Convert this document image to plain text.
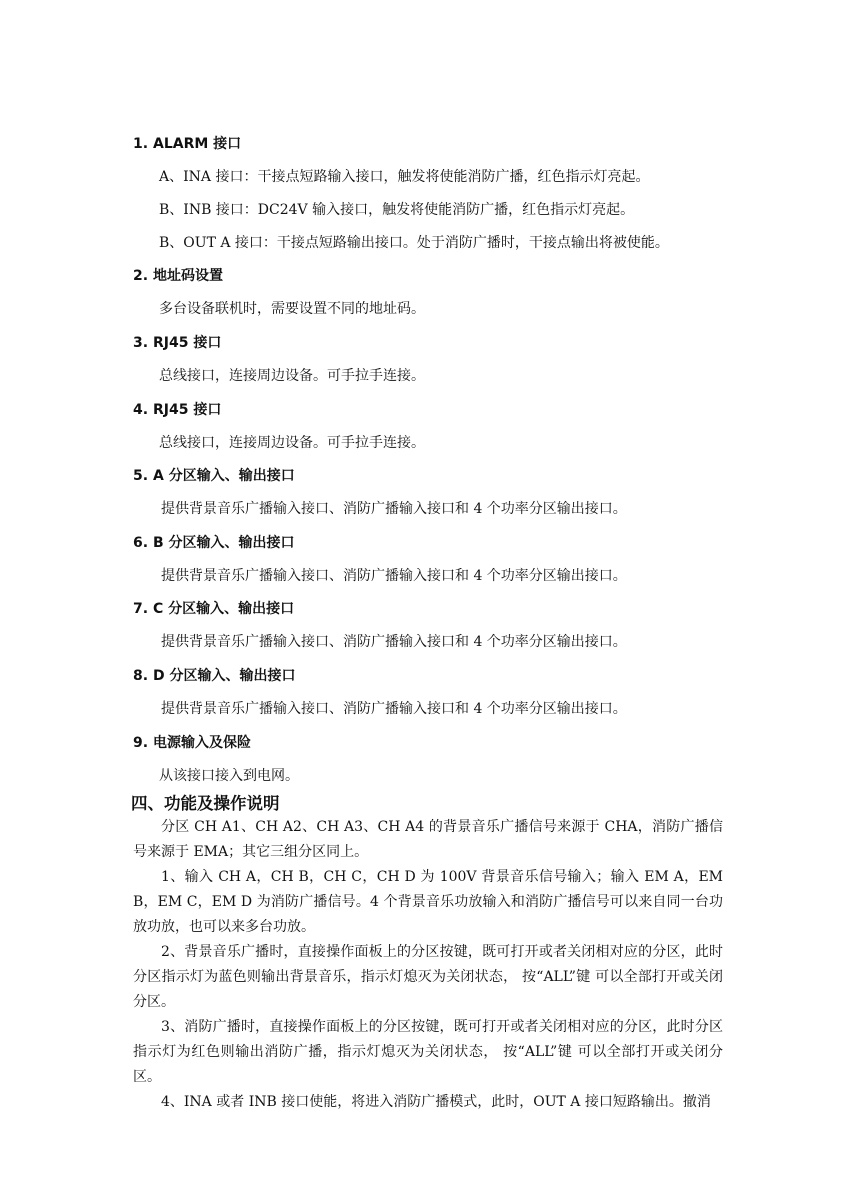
1. ALARM 接口
A、INA 接口：干接点短路输入接口，触发将使能消防广播，红色指示灯亮起。
B、INB 接口：DC24V 输入接口，触发将使能消防广播，红色指示灯亮起。
B、OUT A 接口：干接点短路输出接口。处于消防广播时，干接点输出将被使能。
2. 地址码设置
多台设备联机时，需要设置不同的地址码。
3. RJ45 接口
总线接口，连接周边设备。可手拉手连接。
4. RJ45 接口
总线接口，连接周边设备。可手拉手连接。
5. A 分区输入、输出接口
提供背景音乐广播输入接口、消防广播输入接口和 4 个功率分区输出接口。
6. B 分区输入、输出接口
提供背景音乐广播输入接口、消防广播输入接口和 4 个功率分区输出接口。
7. C 分区输入、输出接口
提供背景音乐广播输入接口、消防广播输入接口和 4 个功率分区输出接口。
8. D 分区输入、输出接口
提供背景音乐广播输入接口、消防广播输入接口和 4 个功率分区输出接口。
9. 电源输入及保险
从该接口接入到电网。
四、功能及操作说明
分区 CH A1、CH A2、CH A3、CH A4 的背景音乐广播信号来源于 CHA，消防广播信号来源于 EMA；其它三组分区同上。
1、输入 CH A，CH B，CH C，CH D 为 100V 背景音乐信号输入；输入 EM A，EM B，EM C，EM D 为消防广播信号。4 个背景音乐功放输入和消防广播信号可以来自同一台功放功放，也可以来多台功放。
2、背景音乐广播时，直接操作面板上的分区按键，既可打开或者关闭相对应的分区，此时分区指示灯为蓝色则输出背景音乐，指示灯熄灭为关闭状态， 按“ALL”键 可以全部打开或关闭分区。
3、消防广播时，直接操作面板上的分区按键，既可打开或者关闭相对应的分区，此时分区指示灯为红色则输出消防广播，指示灯熄灭为关闭状态， 按“ALL”键 可以全部打开或关闭分区。
4、INA 或者 INB 接口使能，将进入消防广播模式，此时，OUT A 接口短路输出。撤消
